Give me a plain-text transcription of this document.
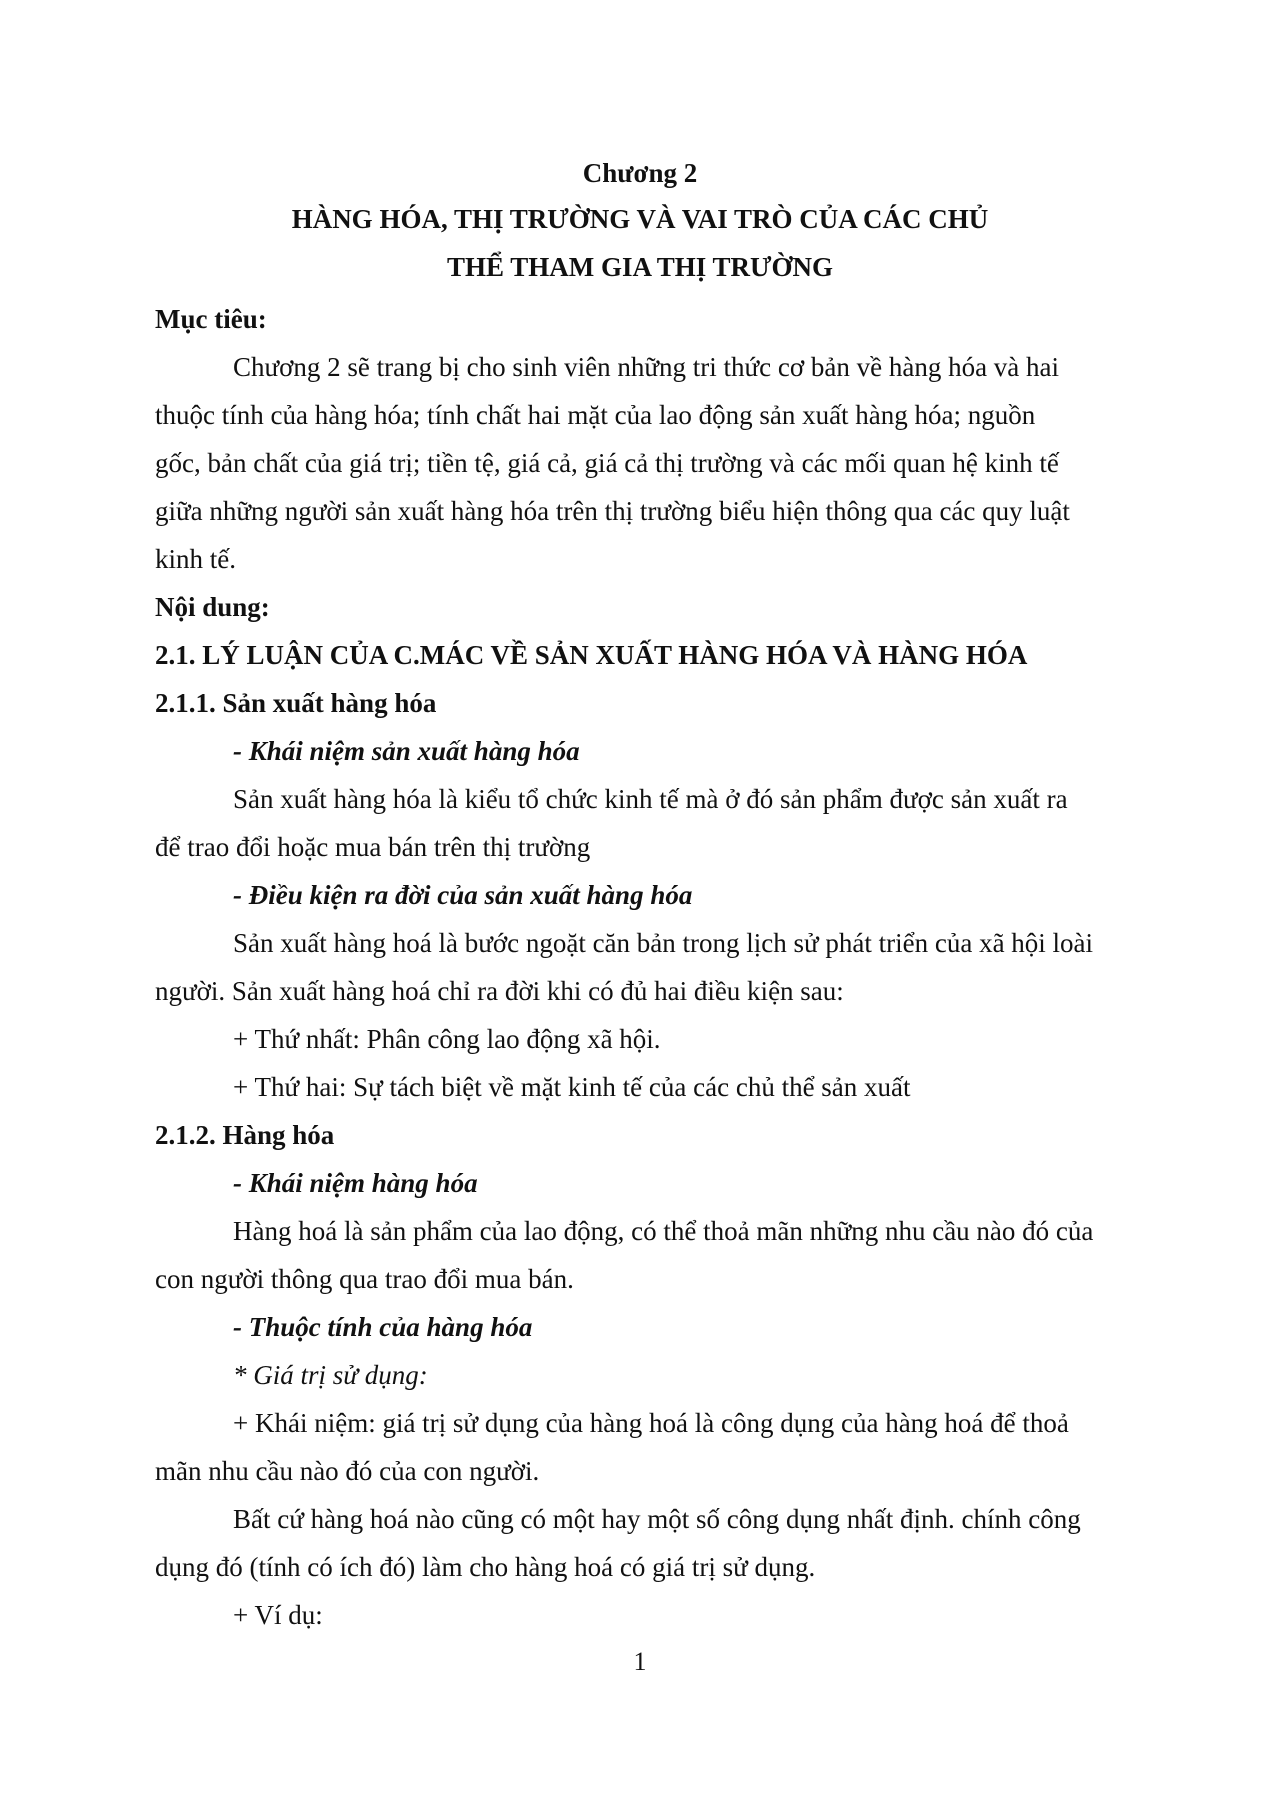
Chương 2
HÀNG HÓA, THỊ TRƯỜNG VÀ VAI TRÒ CỦA CÁC CHỦ
THỂ THAM GIA THỊ TRƯỜNG
Mục tiêu:
Chương 2 sẽ trang bị cho sinh viên những tri thức cơ bản về hàng hóa và hai
thuộc tính của hàng hóa; tính chất hai mặt của lao động sản xuất hàng hóa; nguồn
gốc, bản chất của giá trị; tiền tệ, giá cả, giá cả thị trường và các mối quan hệ kinh tế
giữa những người sản xuất hàng hóa trên thị trường biểu hiện thông qua các quy luật
kinh tế.
Nội dung:
2.1. LÝ LUẬN CỦA C.MÁC VỀ SẢN XUẤT HÀNG HÓA VÀ HÀNG HÓA
2.1.1. Sản xuất hàng hóa
- Khái niệm sản xuất hàng hóa
Sản xuất hàng hóa là kiểu tổ chức kinh tế mà ở đó sản phẩm được sản xuất ra
để trao đổi hoặc mua bán trên thị trường
- Điều kiện ra đời của sản xuất hàng hóa
Sản xuất hàng hoá là bước ngoặt căn bản trong lịch sử phát triển của xã hội loài
người. Sản xuất hàng hoá chỉ ra đời khi có đủ hai điều kiện sau:
+ Thứ nhất: Phân công lao động xã hội.
+ Thứ hai: Sự tách biệt về mặt kinh tế của các chủ thể sản xuất
2.1.2. Hàng hóa
- Khái niệm hàng hóa
Hàng hoá là sản phẩm của lao động, có thể thoả mãn những nhu cầu nào đó của
con người thông qua trao đổi mua bán.
- Thuộc tính của hàng hóa
* Giá trị sử dụng:
+ Khái niệm: giá trị sử dụng của hàng hoá là công dụng của hàng hoá để thoả
mãn nhu cầu nào đó của con người.
Bất cứ hàng hoá nào cũng có một hay một số công dụng nhất định. chính công
dụng đó (tính có ích đó) làm cho hàng hoá có giá trị sử dụng.
+ Ví dụ:
1
